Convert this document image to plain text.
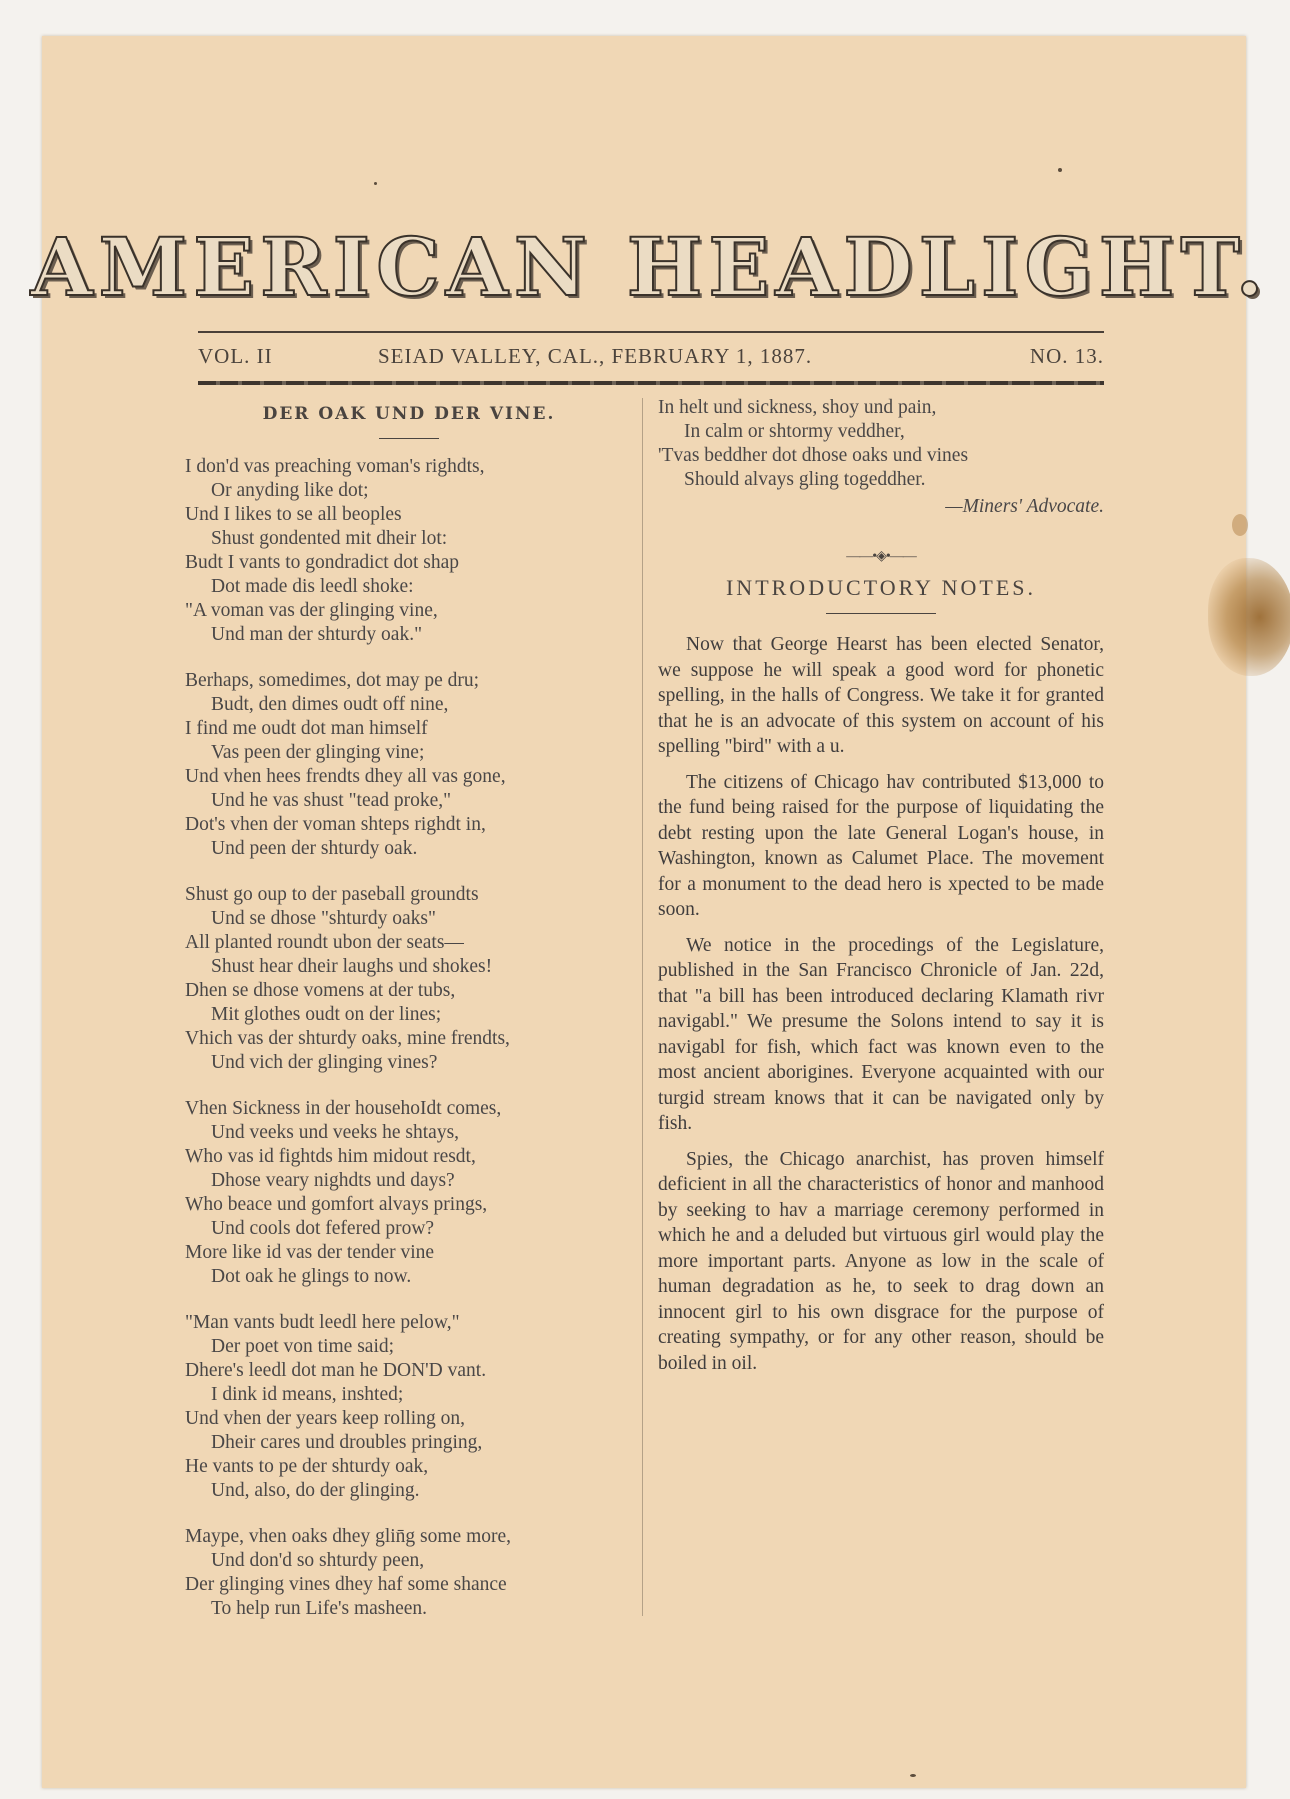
AMERICAN HEADLIGHT.
VOL. II	SEIAD VALLEY, CAL., FEBRUARY 1, 1887.	NO. 13.
DER OAK UND DER VINE.
I don'd vas preaching voman's righdts,
Or anyding like dot;
Und I likes to se all beoples
Shust gondented mit dheir lot:
Budt I vants to gondradict dot shap
Dot made dis leedl shoke:
"A voman vas der glinging vine,
Und man der shturdy oak."
Berhaps, somedimes, dot may pe dru;
Budt, den dimes oudt off nine,
I find me oudt dot man himself
Vas peen der glinging vine;
Und vhen hees frendts dhey all vas gone,
Und he vas shust "tead proke,"
Dot's vhen der voman shteps righdt in,
Und peen der shturdy oak.
Shust go oup to der paseball groundts
Und se dhose "shturdy oaks"
All planted roundt ubon der seats—
Shust hear dheir laughs und shokes!
Dhen se dhose vomens at der tubs,
Mit glothes oudt on der lines;
Vhich vas der shturdy oaks, mine frendts,
Und vich der glinging vines?
Vhen Sickness in der househoIdt comes,
Und veeks und veeks he shtays,
Who vas id fightds him midout resdt,
Dhose veary nighdts und days?
Who beace und gomfort alvays prings,
Und cools dot fefered prow?
More like id vas der tender vine
Dot oak he glings to now.
"Man vants budt leedl here pelow,"
Der poet von time said;
Dhere's leedl dot man he DON'D vant.
I dink id means, inshted;
Und vhen der years keep rolling on,
Dheir cares und droubles pringing,
He vants to pe der shturdy oak,
Und, also, do der glinging.
Maype, vhen oaks dhey glin̄g some more,
Und don'd so shturdy peen,
Der glinging vines dhey haf some shance
To help run Life's masheen.
In helt und sickness, shoy und pain,
In calm or shtormy veddher,
'Tvas beddher dot dhose oaks und vines
Should alvays gling togeddher.
—Miners' Advocate.
——•◈•——
INTRODUCTORY NOTES.

Now that George Hearst has been elected Senator, we suppose he will speak a good word for phonetic spelling, in the halls of Congress. We take it for granted that he is an advocate of this system on account of his spelling "bird" with a u.

The citizens of Chicago hav contributed $13,000 to the fund being raised for the purpose of liquidating the debt resting upon the late General Logan's house, in Washington, known as Calumet Place. The movement for a monument to the dead hero is xpected to be made soon.

We notice in the procedings of the Legislature, published in the San Francisco Chronicle of Jan. 22d, that "a bill has been introduced declaring Klamath rivr navigabl." We presume the Solons intend to say it is navigabl for fish, which fact was known even to the most ancient aborigines. Everyone acquainted with our turgid stream knows that it can be navigated only by fish.

Spies, the Chicago anarchist, has proven himself deficient in all the characteristics of honor and manhood by seeking to hav a marriage ceremony performed in which he and a deluded but virtuous girl would play the more important parts. Anyone as low in the scale of human degradation as he, to seek to drag down an innocent girl to his own disgrace for the purpose of creating sympathy, or for any other reason, should be boiled in oil.
